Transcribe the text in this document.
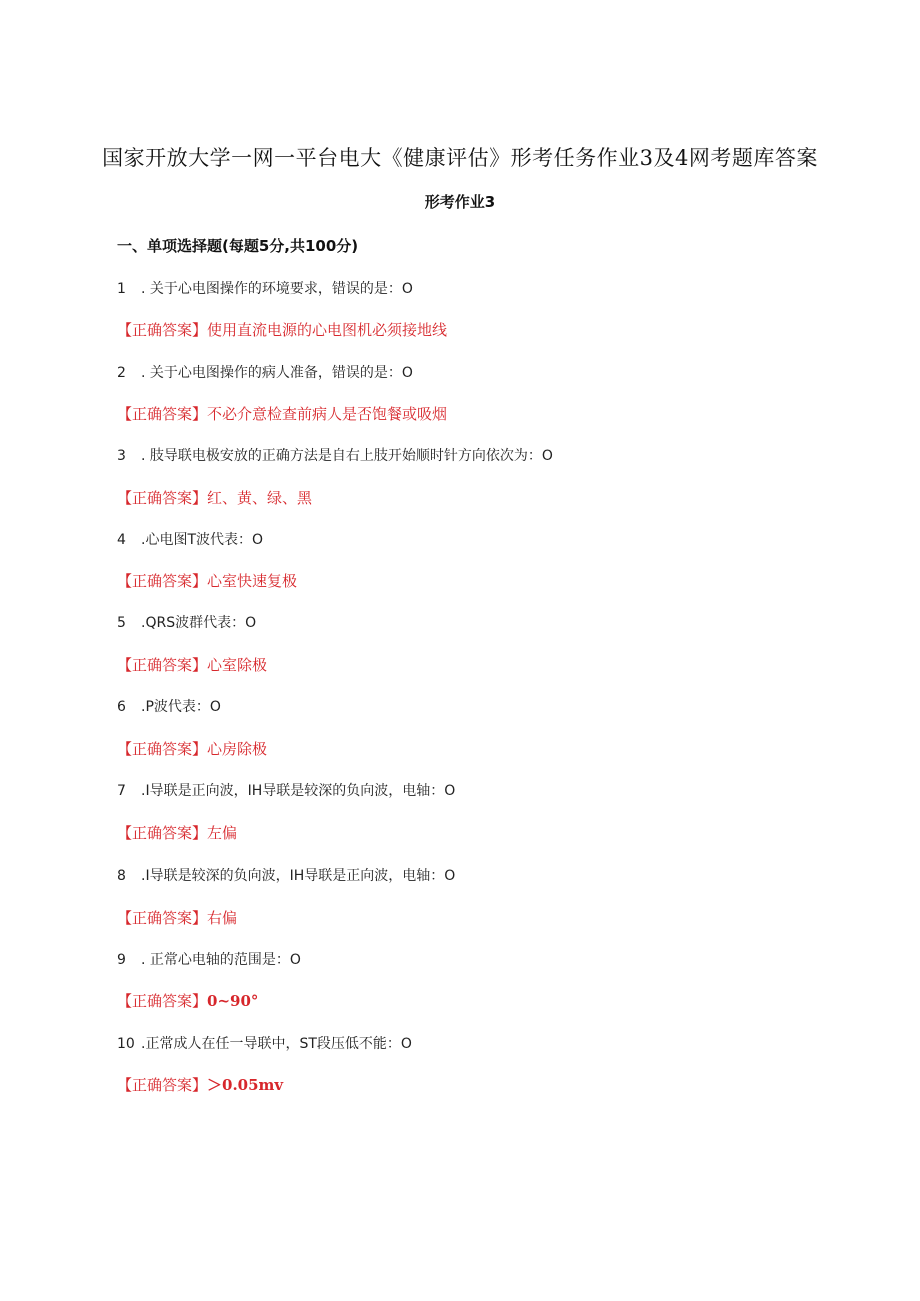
国家开放大学一网一平台电大《健康评估》形考任务作业3及4网考题库答案
形考作业3
一、单项选择题(每题5分,共100分)
1 . 关于心电图操作的环境要求，错误的是：O
【正确答案】使用直流电源的心电图机必须接地线
2 . 关于心电图操作的病人准备，错误的是：O
【正确答案】不必介意检查前病人是否饱餐或吸烟
3 . 肢导联电极安放的正确方法是自右上肢开始顺时针方向依次为：O
【正确答案】红、黄、绿、黑
4 .心电图T波代表：O
【正确答案】心室快速复极
5 .QRS波群代表：O
【正确答案】心室除极
6 .P波代表：O
【正确答案】心房除极
7 .I导联是正向波，IH导联是较深的负向波，电轴：O
【正确答案】左偏
8 .I导联是较深的负向波，IH导联是正向波，电轴：O
【正确答案】右偏
9 . 正常心电轴的范围是：O
【正确答案】0~90°
10 .正常成人在任一导联中，ST段压低不能：O
【正确答案】＞0.05mv
